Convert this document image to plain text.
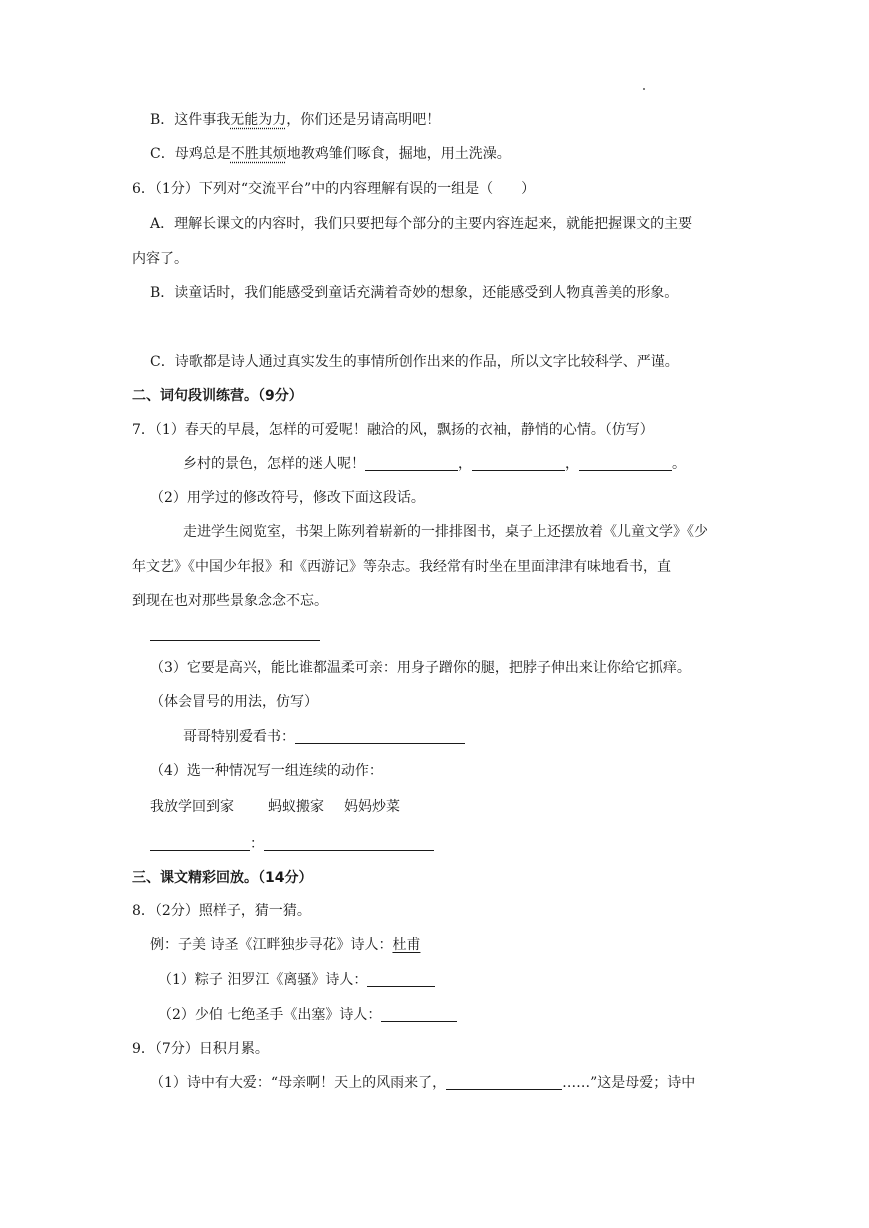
B．这件事我无能为力，你们还是另请高明吧！
C．母鸡总是不胜其烦地教鸡雏们啄食，掘地，用土洗澡。
6．（1分）下列对“交流平台”中的内容理解有误的一组是（　　）
A．理解长课文的内容时，我们只要把每个部分的主要内容连起来，就能把握课文的主要
内容了。
B．读童话时，我们能感受到童话充满着奇妙的想象，还能感受到人物真善美的形象。
C．诗歌都是诗人通过真实发生的事情所创作出来的作品，所以文字比较科学、严谨。
二、词句段训练营。（9分）
7．（1）春天的早晨，怎样的可爱呢！融洽的风，飘扬的衣袖，静悄的心情。（仿写）
乡村的景色，怎样的迷人呢！	，	，	。
（2）用学过的修改符号，修改下面这段话。
走进学生阅览室，书架上陈列着崭新的一排排图书，桌子上还摆放着《儿童文学》《少
年文艺》《中国少年报》和《西游记》等杂志。我经常有时坐在里面津津有味地看书，直
到现在也对那些景象念念不忘。
（3）它要是高兴，能比谁都温柔可亲：用身子蹭你的腿，把脖子伸出来让你给它抓痒。
（体会冒号的用法，仿写）
哥哥特别爱看书：
（4）选一种情况写一组连续的动作：
我放学回到家 蚂蚁搬家 妈妈炒菜
：
三、课文精彩回放。（14分）
8．（2分）照样子，猜一猜。
例：子美 诗圣《江畔独步寻花》诗人：杜甫
（1）粽子 汨罗江《离骚》诗人：
（2）少伯 七绝圣手《出塞》诗人：
9．（7分）日积月累。
（1）诗中有大爱：“母亲啊！天上的风雨来了，	……”这是母爱；诗中
